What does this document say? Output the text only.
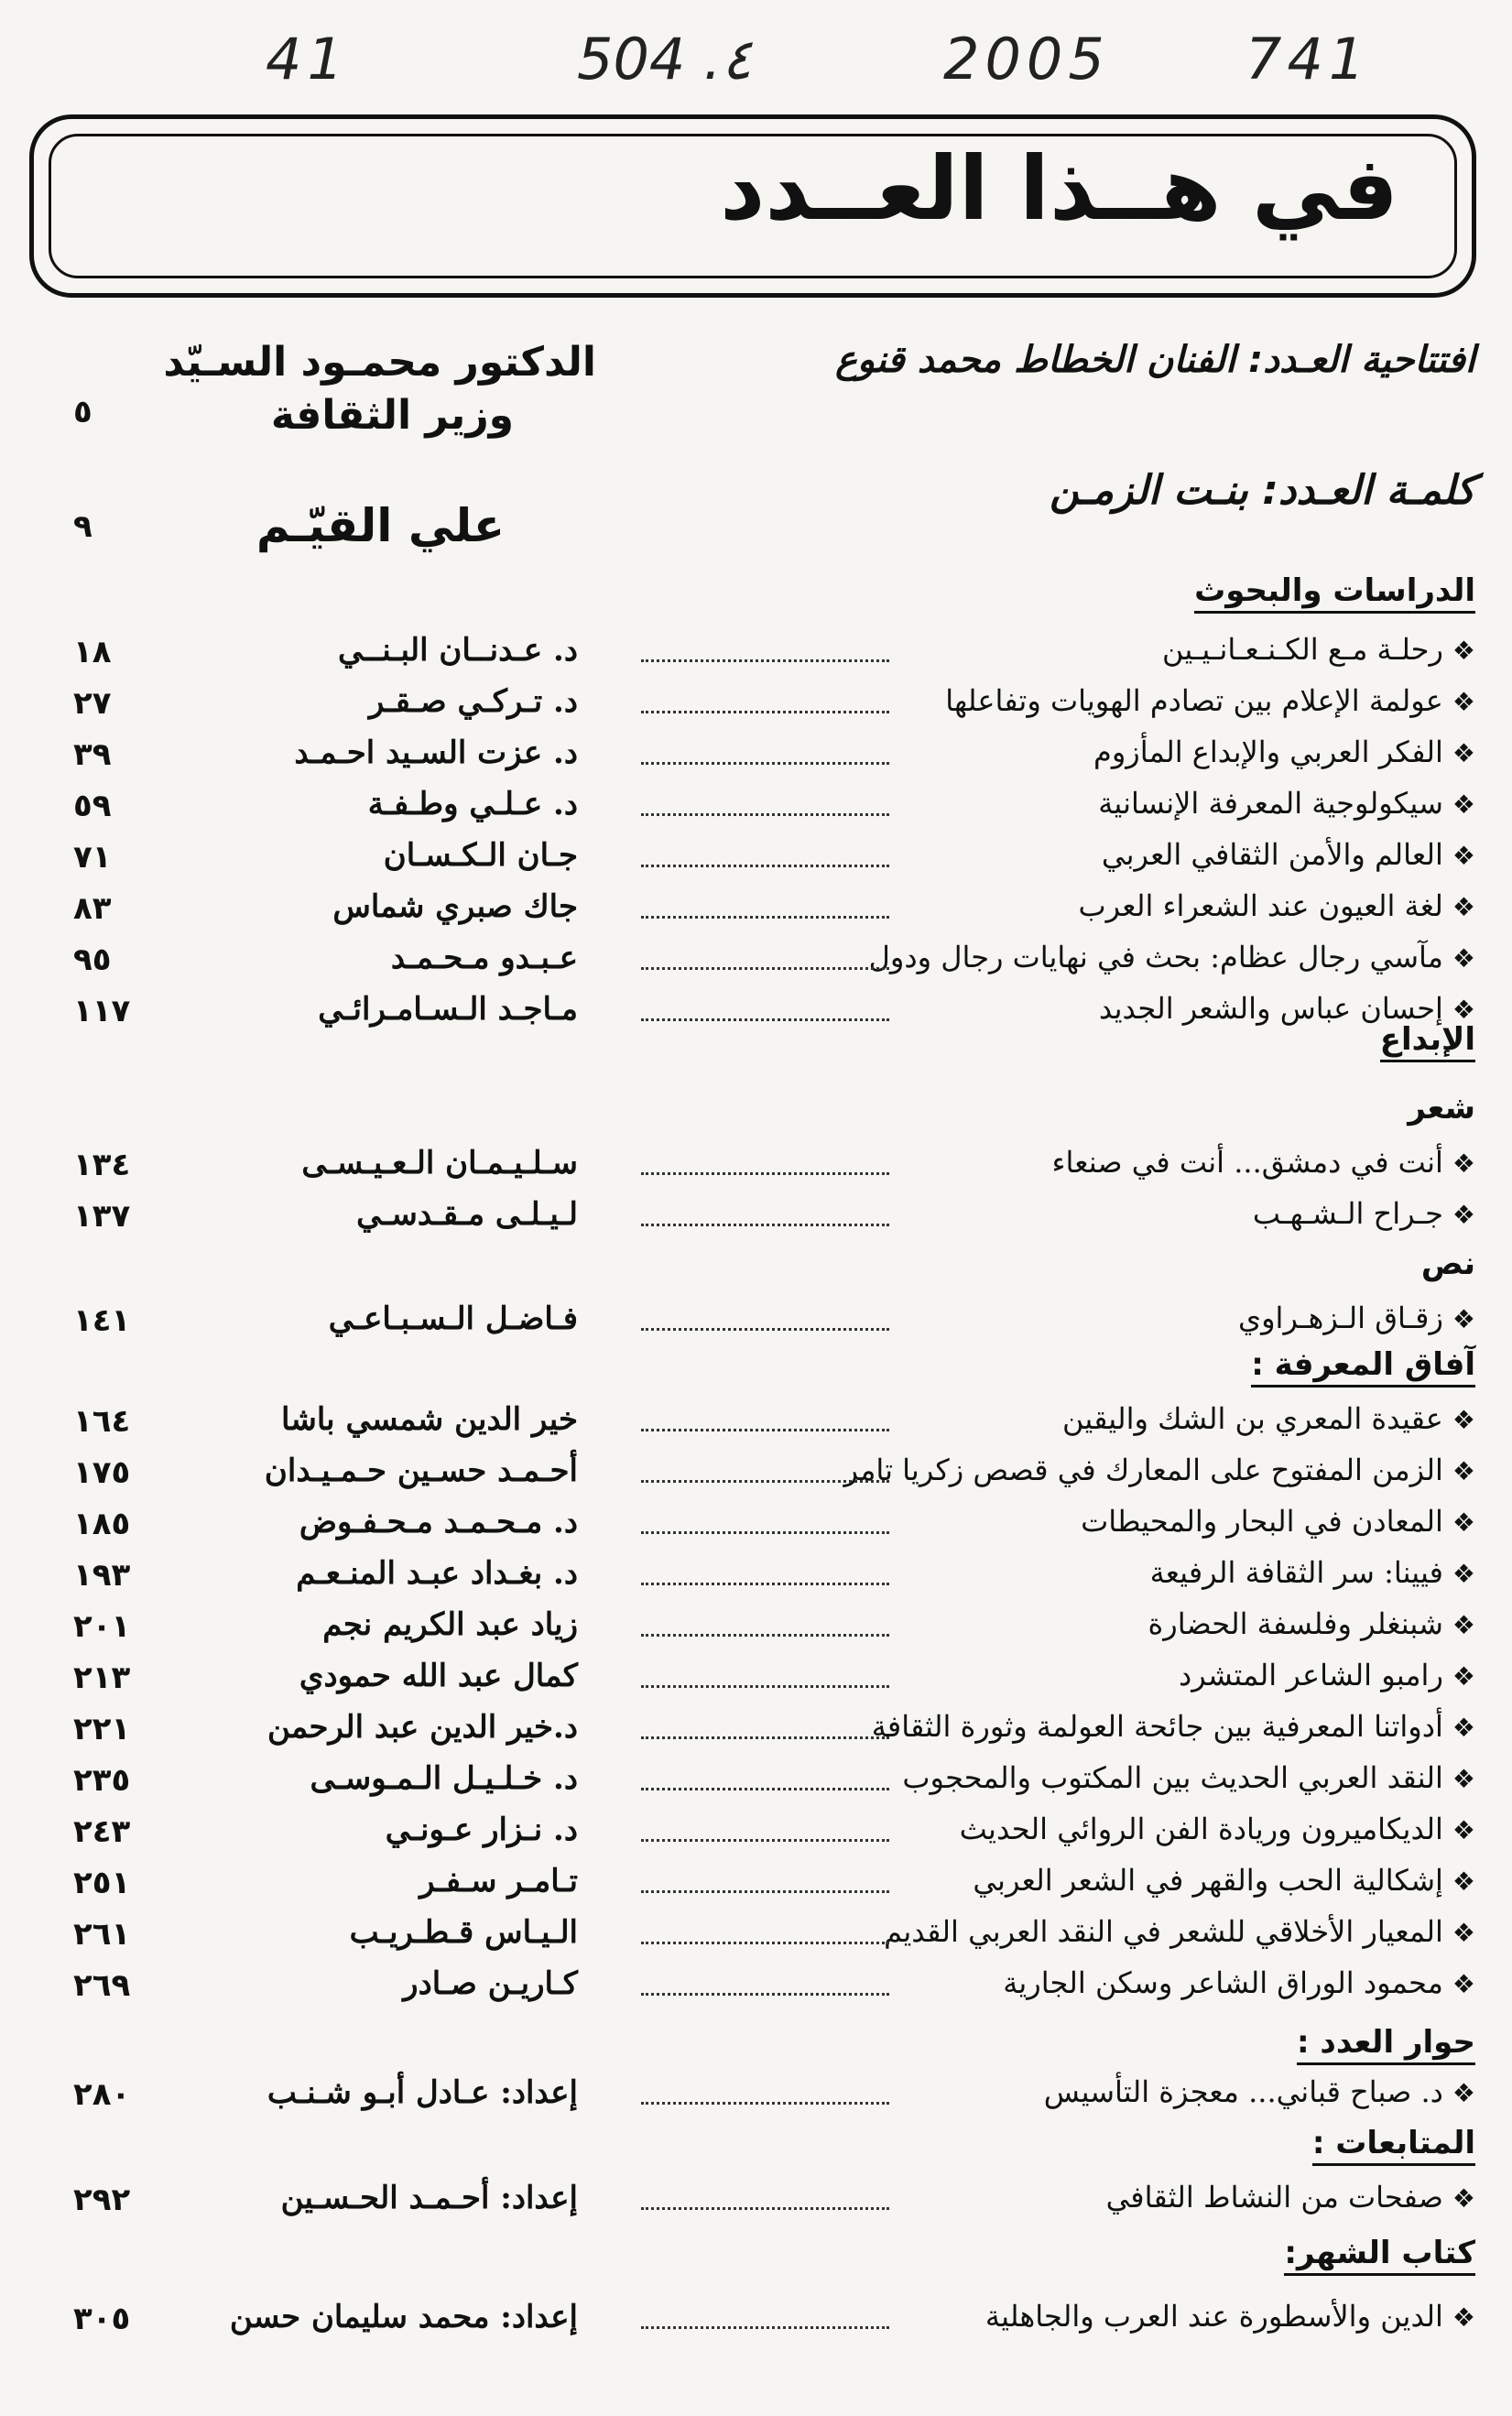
41	504 .٤	2005 741
في هــذا العــدد
افتتاحية العـدد: الفنان الخطاط محمد قنوع
الدكتور محمـود السـيّد
وزير الثقافة
٥
كلمـة العـدد: بنـت الزمـن
علي القيّـم
٩
الدراسات والبحوث
❖رحلـة مـع الكـنـعـانـيـين
د. عـدنــان البـنــي
١٨
❖عولمة الإعلام بين تصادم الهويات وتفاعلها
د. تـركـي صـقـر
٢٧
❖الفكر العربي والإبداع المأزوم
د. عزت السـيد احـمـد
٣٩
❖سيكولوجية المعرفة الإنسانية
د. عـلـي وطـفـة
٥٩
❖العالم والأمن الثقافي العربي
جـان الـكـسـان
٧١
❖لغة العيون عند الشعراء العرب
جاك صبري شماس
٨٣
❖مآسي رجال عظام: بحث في نهايات رجال ودول
عـبـدو مـحـمـد
٩٥
❖إحسان عباس والشعر الجديد
مـاجـد الـسـامـرائـي
١١٧
الإبداع
شعر
❖أنت في دمشق... أنت في صنعاء
سـلـيـمـان الـعـيـسـى
١٣٤
❖جـراح الـشـهـب
لـيـلـى مـقـدسـي
١٣٧
نص
❖زقـاق الـزهـراوي
فـاضـل الـسـبـاعـي
١٤١
آفاق المعرفة :
❖عقيدة المعري بن الشك واليقين
خير الدين شمسي باشا
١٦٤
❖الزمن المفتوح على المعارك في قصص زكريا تامر
أحـمـد حسـين حـمـيـدان
١٧٥
❖المعادن في البحار والمحيطات
د. مـحـمـد مـحـفـوض
١٨٥
❖فيينا: سر الثقافة الرفيعة
د. بغـداد عبـد المنـعـم
١٩٣
❖شبنغلر وفلسفة الحضارة
زياد عبد الكريم نجم
٢٠١
❖رامبو الشاعر المتشرد
كمال عبد الله حمودي
٢١٣
❖أدواتنا المعرفية بين جائحة العولمة وثورة الثقافة
د.خير الدين عبد الرحمن
٢٢١
❖النقد العربي الحديث بين المكتوب والمحجوب
د. خـلـيـل الـمـوسـى
٢٣٥
❖الديكاميرون وريادة الفن الروائي الحديث
د. نـزار عـونـي
٢٤٣
❖إشكالية الحب والقهر في الشعر العربي
تـامـر سـفـر
٢٥١
❖المعيار الأخلاقي للشعر في النقد العربي القديم
الـيـاس قـطـريـب
٢٦١
❖محمود الوراق الشاعر وسكن الجارية
كـاريـن صـادر
٢٦٩
حوار العدد :
❖د. صباح قباني... معجزة التأسيس
إعداد: عـادل أبـو شـنـب
٢٨٠
المتابعات :
❖صفحات من النشاط الثقافي
إعداد: أحـمـد الحـسـين
٢٩٢
كتاب الشهر:
❖الدين والأسطورة عند العرب والجاهلية
إعداد: محمد سليمان حسن
٣٠٥
